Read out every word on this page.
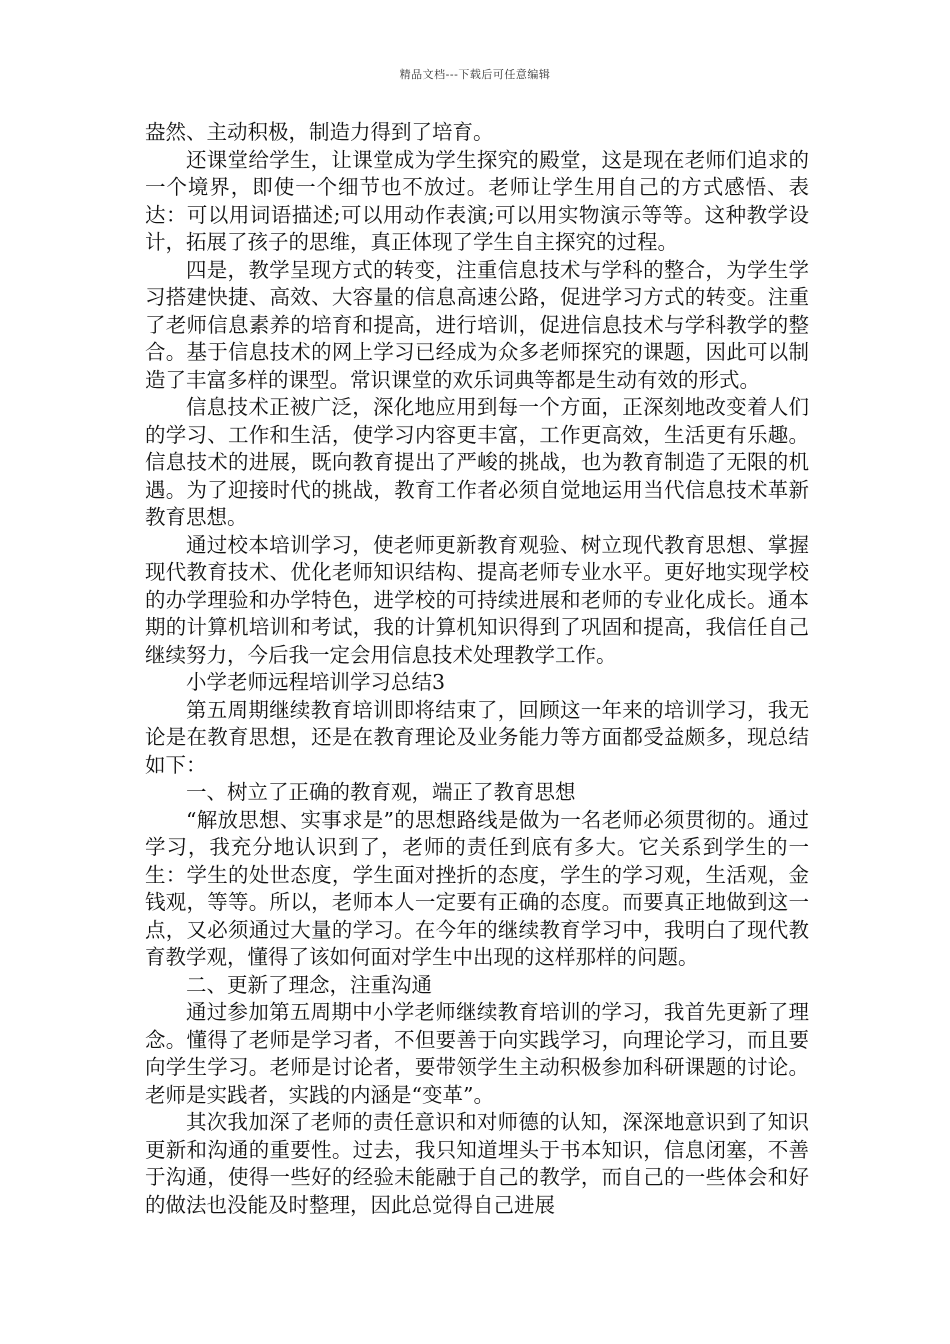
精品文档---下载后可任意编辑

盎然、主动积极，制造力得到了培育。

还课堂给学生，让课堂成为学生探究的殿堂，这是现在老师们追求的一个境界，即使一个细节也不放过。老师让学生用自己的方式感悟、表达：可以用词语描述;可以用动作表演;可以用实物演示等等。这种教学设计，拓展了孩子的思维，真正体现了学生自主探究的过程。

四是，教学呈现方式的转变，注重信息技术与学科的整合，为学生学习搭建快捷、高效、大容量的信息高速公路，促进学习方式的转变。注重了老师信息素养的培育和提高，进行培训，促进信息技术与学科教学的整合。基于信息技术的网上学习已经成为众多老师探究的课题，因此可以制造了丰富多样的课型。常识课堂的欢乐词典等都是生动有效的形式。

信息技术正被广泛，深化地应用到每一个方面，正深刻地改变着人们的学习、工作和生活，使学习内容更丰富，工作更高效，生活更有乐趣。信息技术的进展，既向教育提出了严峻的挑战，也为教育制造了无限的机遇。为了迎接时代的挑战，教育工作者必须自觉地运用当代信息技术革新教育思想。

通过校本培训学习，使老师更新教育观验、树立现代教育思想、掌握现代教育技术、优化老师知识结构、提高老师专业水平。更好地实现学校的办学理验和办学特色，进学校的可持续进展和老师的专业化成长。通本期的计算机培训和考试，我的计算机知识得到了巩固和提高，我信任自己继续努力，今后我一定会用信息技术处理教学工作。

小学老师远程培训学习总结3

第五周期继续教育培训即将结束了，回顾这一年来的培训学习，我无论是在教育思想，还是在教育理论及业务能力等方面都受益颇多，现总结如下：

一、树立了正确的教育观，端正了教育思想

“解放思想、实事求是”的思想路线是做为一名老师必须贯彻的。通过学习，我充分地认识到了，老师的责任到底有多大。它关系到学生的一生：学生的处世态度，学生面对挫折的态度，学生的学习观，生活观，金钱观，等等。所以，老师本人一定要有正确的态度。而要真正地做到这一点，又必须通过大量的学习。在今年的继续教育学习中，我明白了现代教育教学观，懂得了该如何面对学生中出现的这样那样的问题。

二、更新了理念，注重沟通

通过参加第五周期中小学老师继续教育培训的学习，我首先更新了理念。懂得了老师是学习者，不但要善于向实践学习，向理论学习，而且要向学生学习。老师是讨论者，要带领学生主动积极参加科研课题的讨论。老师是实践者，实践的内涵是“变革”。

其次我加深了老师的责任意识和对师德的认知，深深地意识到了知识更新和沟通的重要性。过去，我只知道埋头于书本知识，信息闭塞，不善于沟通，使得一些好的经验未能融于自己的教学，而自己的一些体会和好的做法也没能及时整理，因此总觉得自己进展
